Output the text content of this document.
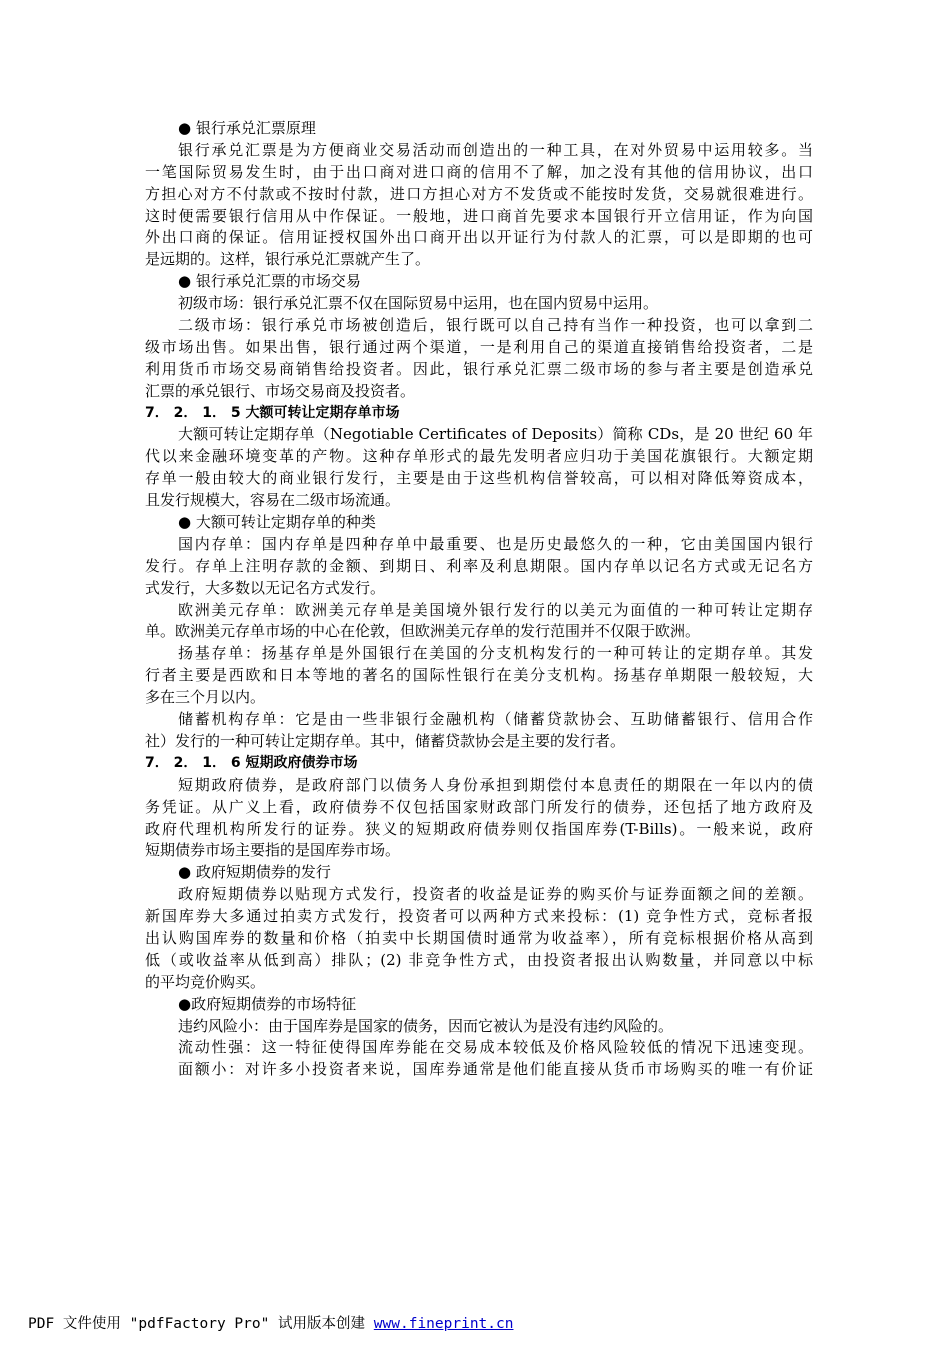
● 银行承兑汇票原理
银行承兑汇票是为方便商业交易活动而创造出的一种工具，在对外贸易中运用较多。当
一笔国际贸易发生时，由于出口商对进口商的信用不了解，加之没有其他的信用协议，出口
方担心对方不付款或不按时付款，进口方担心对方不发货或不能按时发货，交易就很难进行。
这时便需要银行信用从中作保证。一般地，进口商首先要求本国银行开立信用证，作为向国
外出口商的保证。信用证授权国外出口商开出以开证行为付款人的汇票，可以是即期的也可
是远期的。这样，银行承兑汇票就产生了。
● 银行承兑汇票的市场交易
初级市场：银行承兑汇票不仅在国际贸易中运用，也在国内贸易中运用。
二级市场：银行承兑市场被创造后，银行既可以自己持有当作一种投资，也可以拿到二
级市场出售。如果出售，银行通过两个渠道，一是利用自己的渠道直接销售给投资者，二是
利用货币市场交易商销售给投资者。因此，银行承兑汇票二级市场的参与者主要是创造承兑
汇票的承兑银行、市场交易商及投资者。
7． 2． 1． 5 大额可转让定期存单市场
大额可转让定期存单（Negotiable Certificates of Deposits）简称 CDs，是 20 世纪 60 年
代以来金融环境变革的产物。这种存单形式的最先发明者应归功于美国花旗银行。大额定期
存单一般由较大的商业银行发行，主要是由于这些机构信誉较高，可以相对降低筹资成本，
且发行规模大，容易在二级市场流通。
● 大额可转让定期存单的种类
国内存单：国内存单是四种存单中最重要、也是历史最悠久的一种，它由美国国内银行
发行。存单上注明存款的金额、到期日、利率及利息期限。国内存单以记名方式或无记名方
式发行，大多数以无记名方式发行。
欧洲美元存单：欧洲美元存单是美国境外银行发行的以美元为面值的一种可转让定期存
单。欧洲美元存单市场的中心在伦敦，但欧洲美元存单的发行范围并不仅限于欧洲。
扬基存单：扬基存单是外国银行在美国的分支机构发行的一种可转让的定期存单。其发
行者主要是西欧和日本等地的著名的国际性银行在美分支机构。扬基存单期限一般较短，大
多在三个月以内。
储蓄机构存单：它是由一些非银行金融机构（储蓄贷款协会、互助储蓄银行、信用合作
社）发行的一种可转让定期存单。其中，储蓄贷款协会是主要的发行者。
7． 2． 1． 6 短期政府债券市场
短期政府债券，是政府部门以债务人身份承担到期偿付本息责任的期限在一年以内的债
务凭证。从广义上看，政府债券不仅包括国家财政部门所发行的债券，还包括了地方政府及
政府代理机构所发行的证券。狭义的短期政府债券则仅指国库券(T-Bills)。一般来说，政府
短期债券市场主要指的是国库券市场。
● 政府短期债券的发行
政府短期债券以贴现方式发行，投资者的收益是证券的购买价与证券面额之间的差额。
新国库券大多通过拍卖方式发行，投资者可以两种方式来投标：(1) 竞争性方式，竞标者报
出认购国库券的数量和价格（拍卖中长期国债时通常为收益率），所有竞标根据价格从高到
低（或收益率从低到高）排队；(2) 非竞争性方式，由投资者报出认购数量，并同意以中标
的平均竞价购买。
●政府短期债券的市场特征
违约风险小：由于国库券是国家的债务，因而它被认为是没有违约风险的。
流动性强：这一特征使得国库券能在交易成本较低及价格风险较低的情况下迅速变现。
面额小：对许多小投资者来说，国库券通常是他们能直接从货币市场购买的唯一有价证
PDF 文件使用 "pdfFactory Pro" 试用版本创建 www.fineprint.cn
